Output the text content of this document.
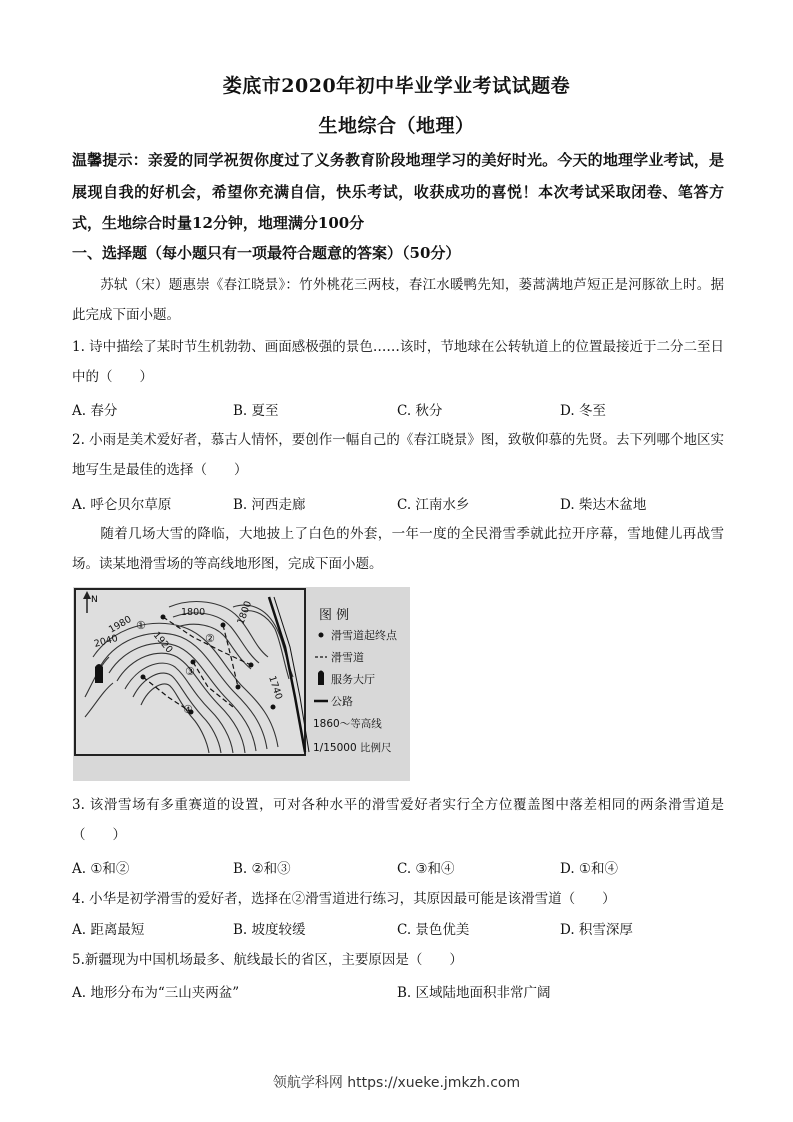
娄底市2020年初中毕业学业考试试题卷
生地综合（地理）
温馨提示：亲爱的同学祝贺你度过了义务教育阶段地理学习的美好时光。今天的地理学业考试，是展现自我的好机会，希望你充满自信，快乐考试，收获成功的喜悦！本次考试采取闭卷、笔答方式，生地综合时量12分钟，地理满分100分
一、选择题（每小题只有一项最符合题意的答案）（50分）
苏轼（宋）题惠崇《春江晓景》：竹外桃花三两枝，春江水暖鸭先知，蒌蒿满地芦短正是河豚欲上时。据此完成下面小题。
1. 诗中描绘了某时节生机勃勃、画面感极强的景色……该时，节地球在公转轨道上的位置最接近于二分二至日中的（　　）
A. 春分	B. 夏至	C. 秋分	D. 冬至
2. 小雨是美术爱好者，慕古人情怀，要创作一幅自己的《春江晓景》图，致敬仰慕的先贤。去下列哪个地区实地写生是最佳的选择（　　）
A. 呼仑贝尔草原	B. 河西走廊	C. 江南水乡	D. 柴达木盆地
随着几场大雪的降临，大地披上了白色的外套，一年一度的全民滑雪季就此拉开序幕，雪地健儿再战雪场。读某地滑雪场的等高线地形图，完成下面小题。
N
1800	1800
1920
1980
2040
1740
①
②
③
④
图 例
滑雪道起终点
滑雪道
服务大厅
公路
1860～等高线
1/15000 比例尺
3. 该滑雪场有多重赛道的设置，可对各种水平的滑雪爱好者实行全方位覆盖图中落差相同的两条滑雪道是（　　）
A. ①和②	B. ②和③	C. ③和④	D. ①和④
4. 小华是初学滑雪的爱好者，选择在②滑雪道进行练习，其原因最可能是该滑雪道（　　）
A. 距离最短	B. 坡度较缓	C. 景色优美	D. 积雪深厚
5.新疆现为中国机场最多、航线最长的省区，主要原因是（　　）
A. 地形分布为“三山夹两盆”	B. 区域陆地面积非常广阔
领航学科网 https://xueke.jmkzh.com
